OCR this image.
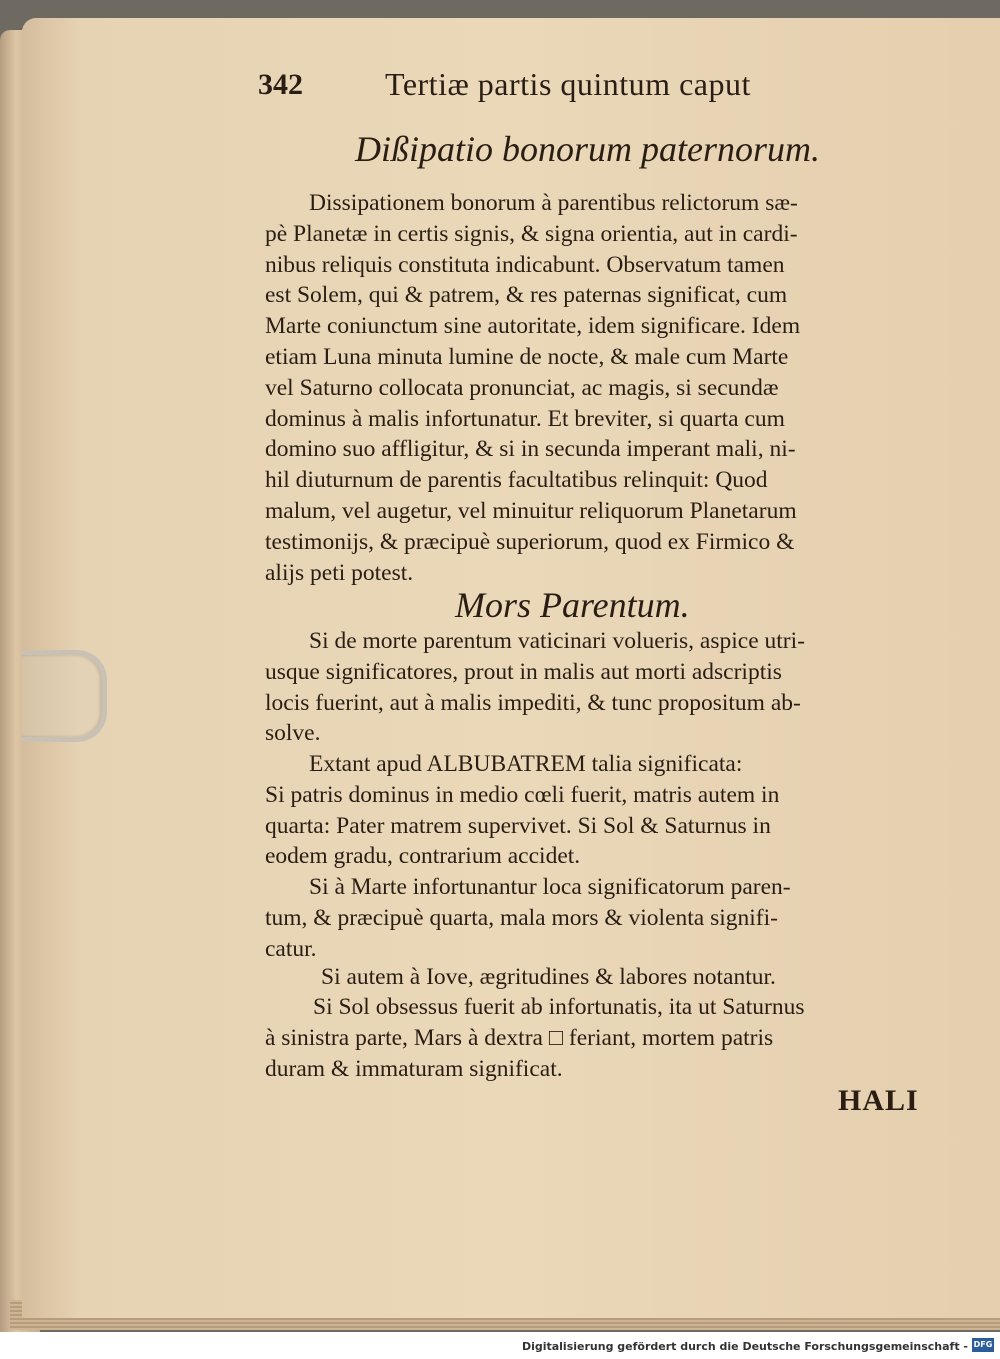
342	Tertiæ partis quintum caput
Dißipatio bonorum paternorum.
Dissipationem bonorum à parentibus relictorum sæ-
pè Planetæ in certis signis, & signa orientia, aut in cardi-
nibus reliquis constituta indicabunt. Observatum tamen
est Solem, qui & patrem, & res paternas significat, cum
Marte coniunctum sine autoritate, idem significare. Idem
etiam Luna minuta lumine de nocte, & male cum Marte
vel Saturno collocata pronunciat, ac magis, si secundæ
dominus à malis infortunatur. Et breviter, si quarta cum
domino suo affligitur, & si in secunda imperant mali, ni-
hil diuturnum de parentis facultatibus relinquit: Quod
malum, vel augetur, vel minuitur reliquorum Planetarum
testimonijs, & præcipuè superiorum, quod ex Firmico &
alijs peti potest.
Mors Parentum.
Si de morte parentum vaticinari volueris, aspice utri-
usque significatores, prout in malis aut morti adscriptis
locis fuerint, aut à malis impediti, & tunc propositum ab-
solve.
Extant apud ALBUBATREM talia significata:
Si patris dominus in medio cœli fuerit, matris autem in
quarta: Pater matrem supervivet. Si Sol & Saturnus in
eodem gradu, contrarium accidet.
Si à Marte infortunantur loca significatorum paren-
tum, & præcipuè quarta, mala mors & violenta signifi-
catur.
Si autem à Iove, ægritudines & labores notantur.
Si Sol obsessus fuerit ab infortunatis, ita ut Saturnus
à sinistra parte, Mars à dextra □ feriant, mortem patris
duram & immaturam significat.
HALI
Digitalisierung gefördert durch die Deutsche Forschungsgemeinschaft - DFG
